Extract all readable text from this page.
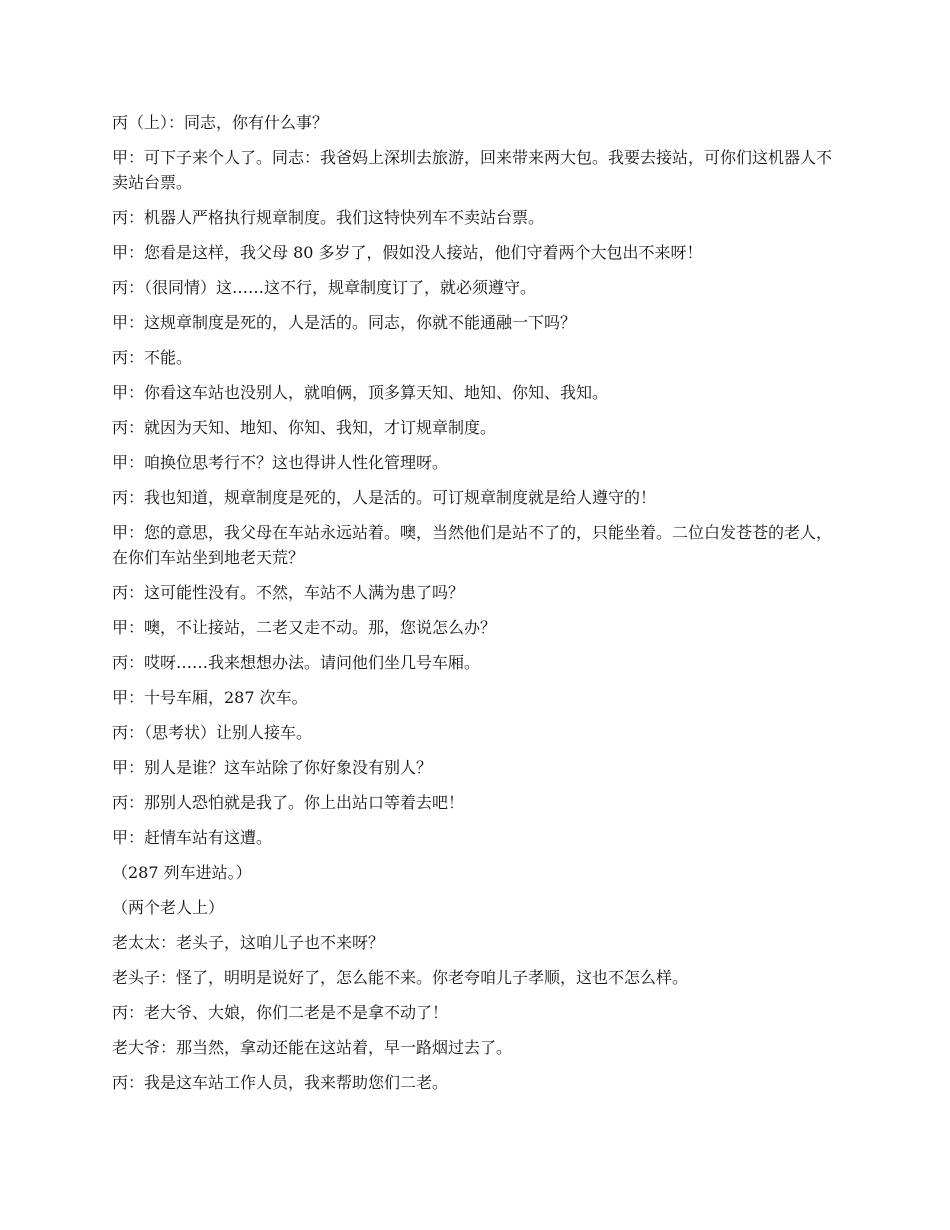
丙（上）：同志，你有什么事？

甲：可下子来个人了。同志：我爸妈上深圳去旅游，回来带来两大包。我要去接站，可你们这机器人不卖站台票。

丙：机器人严格执行规章制度。我们这特快列车不卖站台票。

甲：您看是这样，我父母 80 多岁了，假如没人接站，他们守着两个大包出不来呀！

丙：（很同情）这……这不行，规章制度订了，就必须遵守。

甲：这规章制度是死的，人是活的。同志，你就不能通融一下吗？

丙：不能。

甲：你看这车站也没别人，就咱俩，顶多算天知、地知、你知、我知。

丙：就因为天知、地知、你知、我知，才订规章制度。

甲：咱换位思考行不？这也得讲人性化管理呀。

丙：我也知道，规章制度是死的，人是活的。可订规章制度就是给人遵守的！

甲：您的意思，我父母在车站永远站着。噢，当然他们是站不了的，只能坐着。二位白发苍苍的老人，在你们车站坐到地老天荒？

丙：这可能性没有。不然，车站不人满为患了吗？

甲：噢，不让接站，二老又走不动。那，您说怎么办？

丙：哎呀……我来想想办法。请问他们坐几号车厢。

甲：十号车厢，287 次车。

丙：（思考状）让别人接车。

甲：别人是谁？这车站除了你好象没有别人？

丙：那别人恐怕就是我了。你上出站口等着去吧！

甲：赶情车站有这遭。

（287 列车进站。）

（两个老人上）

老太太：老头子，这咱儿子也不来呀？

老头子：怪了，明明是说好了，怎么能不来。你老夸咱儿子孝顺，这也不怎么样。

丙：老大爷、大娘，你们二老是不是拿不动了！

老大爷：那当然，拿动还能在这站着，早一路烟过去了。

丙：我是这车站工作人员，我来帮助您们二老。
